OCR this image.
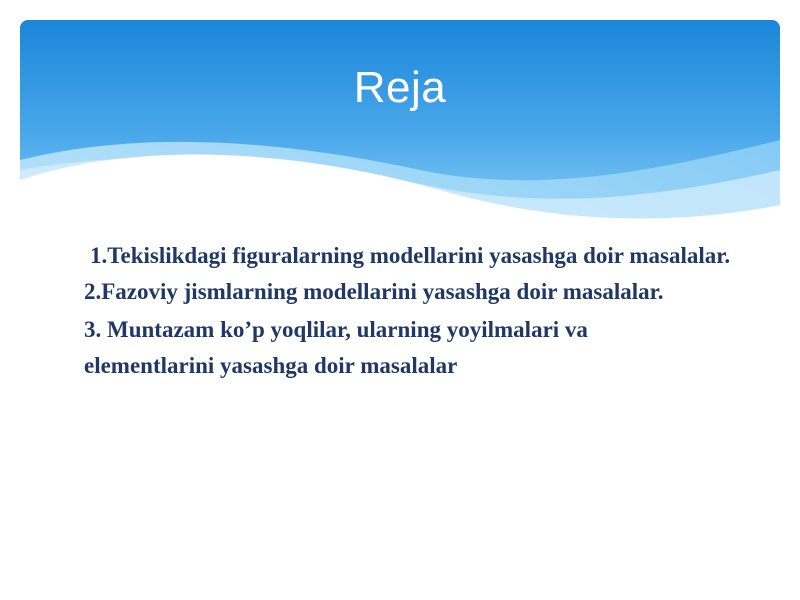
Reja

1.Tekislikdagi figuralarning modellarini yasashga doir masalalar.

2.Fazoviy jismlarning modellarini yasashga doir masalalar.

3. Muntazam ko’p yoqlilar, ularning yoyilmalari va

elementlarini yasashga doir masalalar
